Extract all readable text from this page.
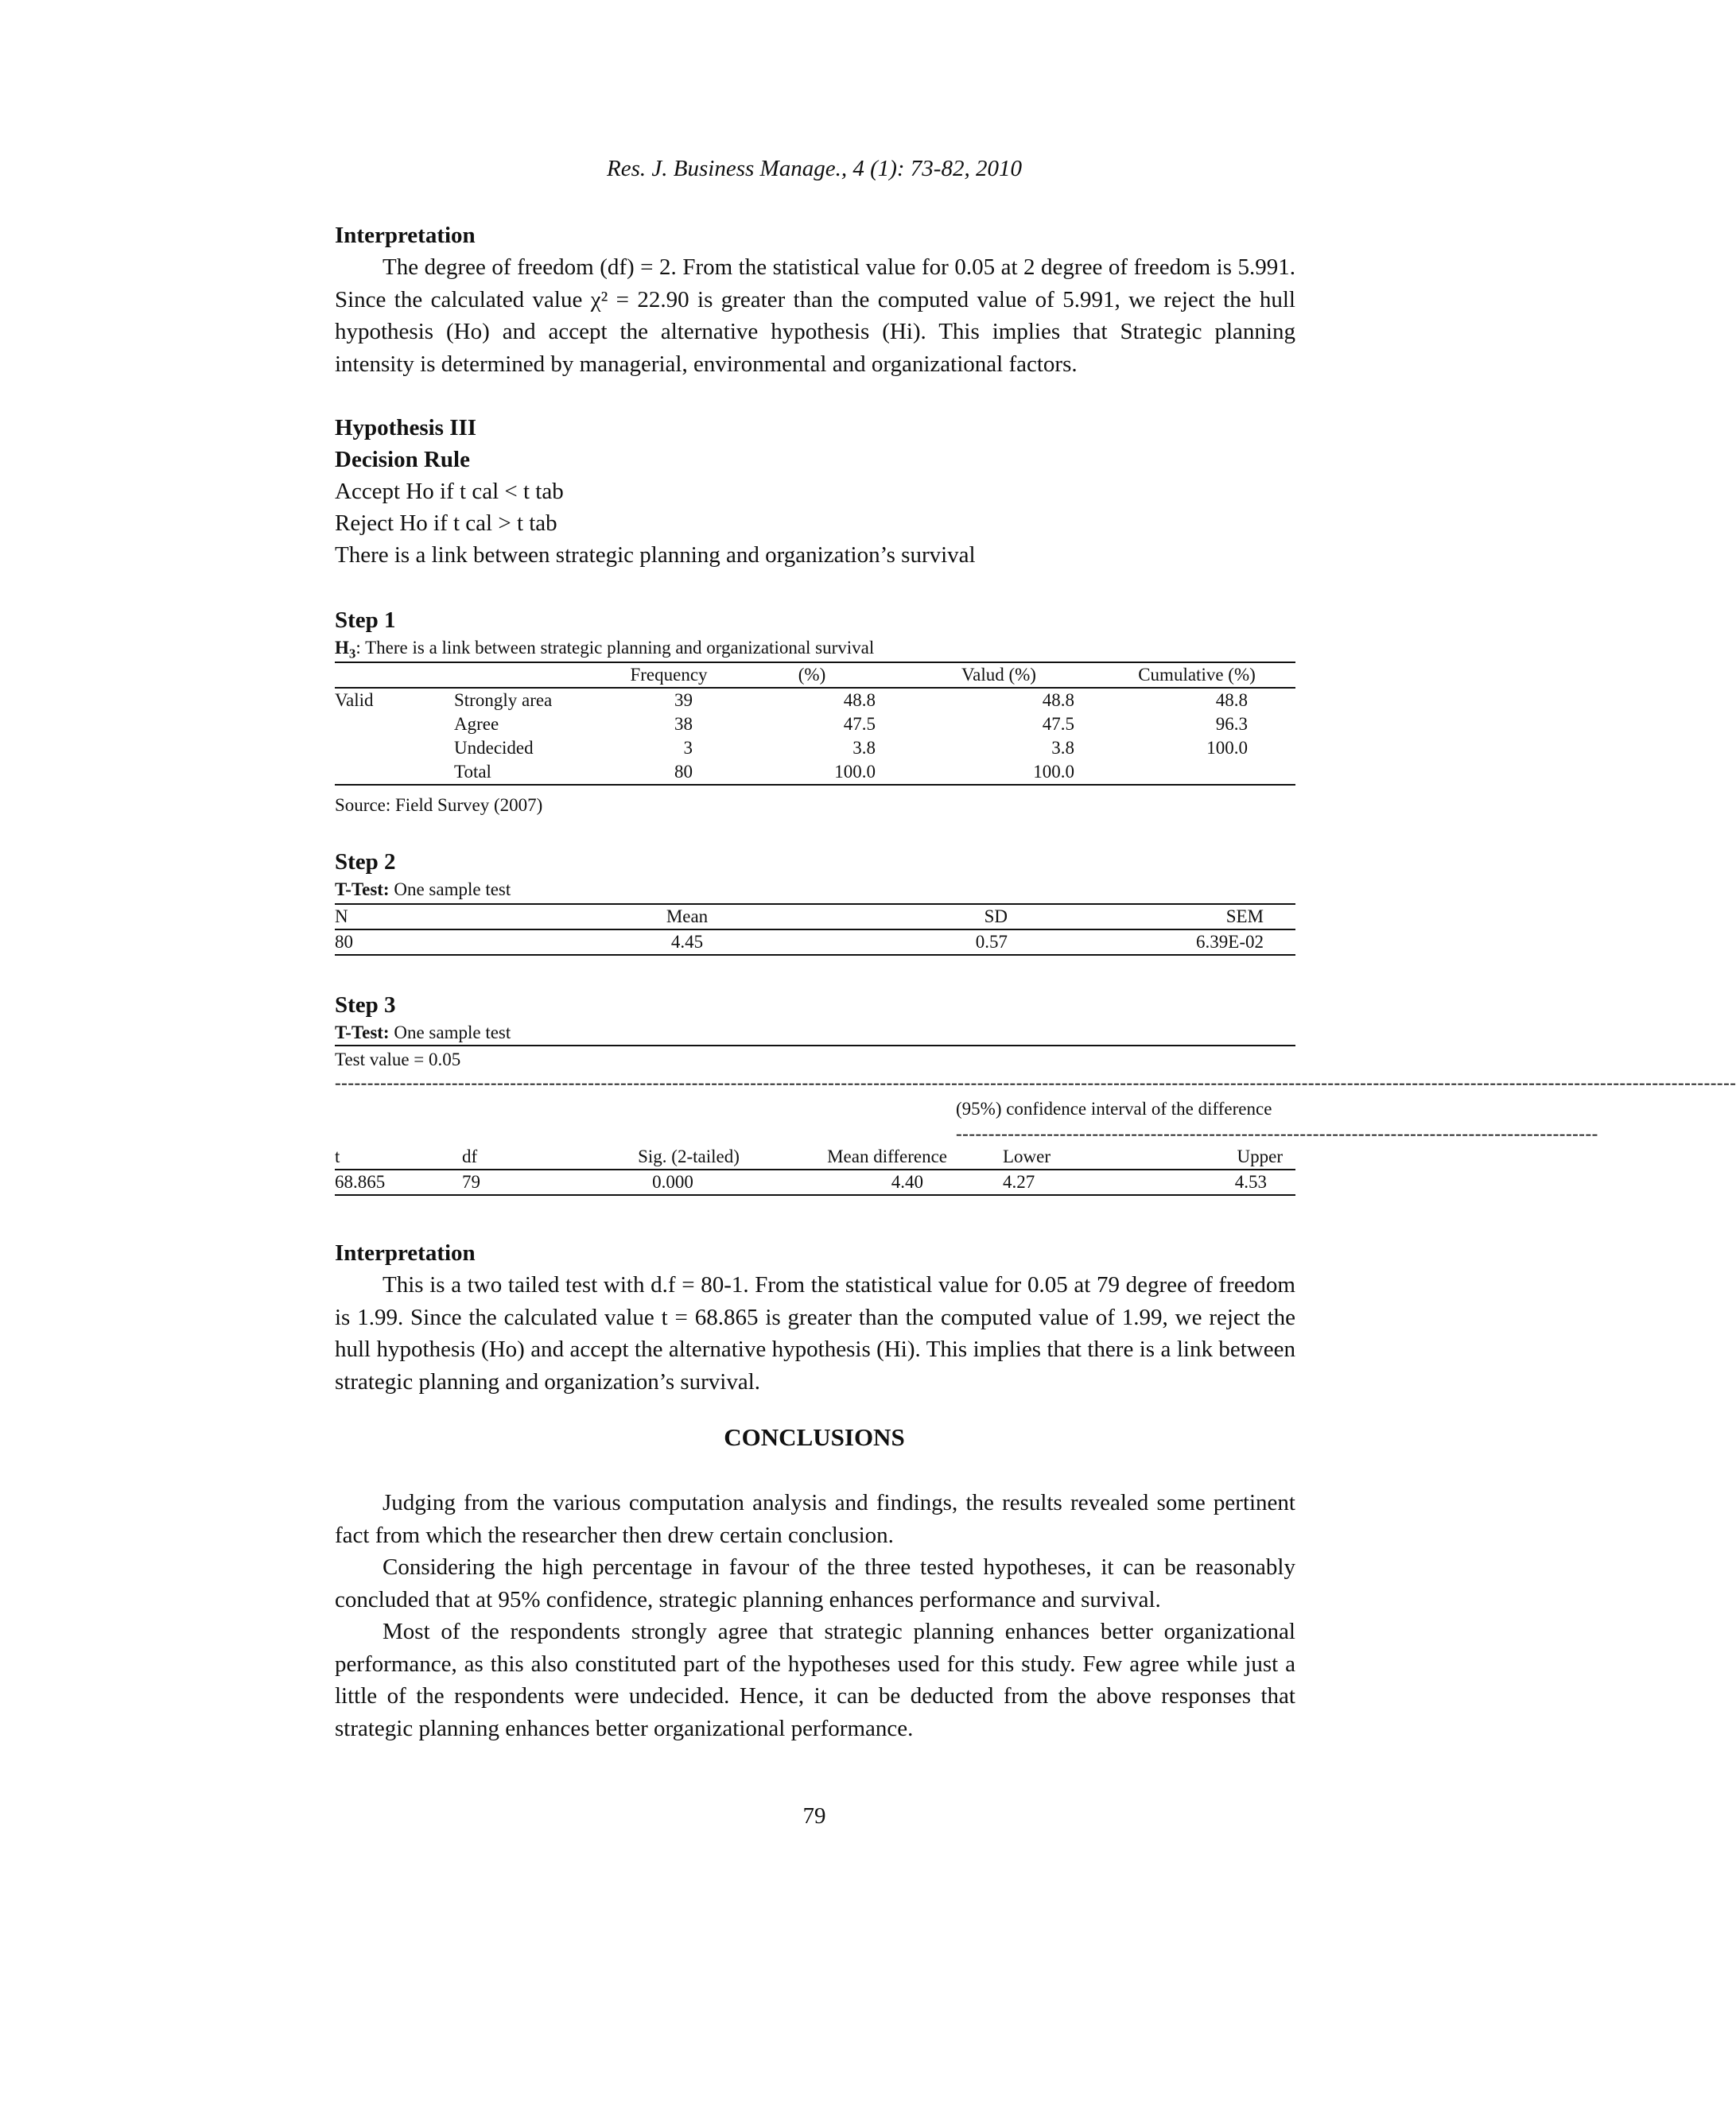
Res. J. Business Manage., 4 (1): 73-82, 2010
Interpretation
The degree of freedom (df) = 2. From the statistical value for 0.05 at 2 degree of freedom is 5.991. Since the calculated value χ² = 22.90 is greater than the computed value of 5.991, we reject the hull hypothesis (Ho) and accept the alternative hypothesis (Hi). This implies that Strategic planning intensity is determined by managerial, environmental and organizational factors.
Hypothesis III
Decision Rule
Accept Ho if t cal < t tab
Reject Ho if t cal > t tab
There is a link between strategic planning and organization’s survival
Step 1
$H_3$: There is a link between strategic planning and organizational survival
		Frequency	(%)	Valud (%)	Cumulative (%)
Valid	Strongly area	39	48.8	48.8	48.8
	Agree	38	47.5	47.5	96.3
	Undecided	3	3.8	3.8	100.0
	Total	80	100.0	100.0	
Source: Field Survey (2007)
Step 2
T-Test: One sample test
N	Mean	SD	SEM
80	4.45	0.57	6.39E-02
Step 3
T-Test: One sample test
Test value = 0.05
------------------------------------------------------------------------------------------------------------------------------------------------------------------------------------------------------------------------
(95%) confidence interval of the difference
---------------------------------------------------------------------------------------------------
t	df	Sig. (2-tailed)	Mean difference	Lower	Upper
68.865	79	0.000	4.40	4.27	4.53
Interpretation
This is a two tailed test with d.f = 80-1. From the statistical value for 0.05 at 79 degree of freedom is 1.99. Since the calculated value t = 68.865 is greater than the computed value of 1.99, we reject the hull hypothesis (Ho) and accept the alternative hypothesis (Hi). This implies that there is a link between strategic planning and organization’s survival.
CONCLUSIONS
Judging from the various computation analysis and findings, the results revealed some pertinent fact from which the researcher then drew certain conclusion.
Considering the high percentage in favour of the three tested hypotheses, it can be reasonably concluded that at 95% confidence, strategic planning enhances performance and survival.
Most of the respondents strongly agree that strategic planning enhances better organizational performance, as this also constituted part of the hypotheses used for this study. Few agree while just a little of the respondents were undecided. Hence, it can be deducted from the above responses that strategic planning enhances better organizational performance.
79
